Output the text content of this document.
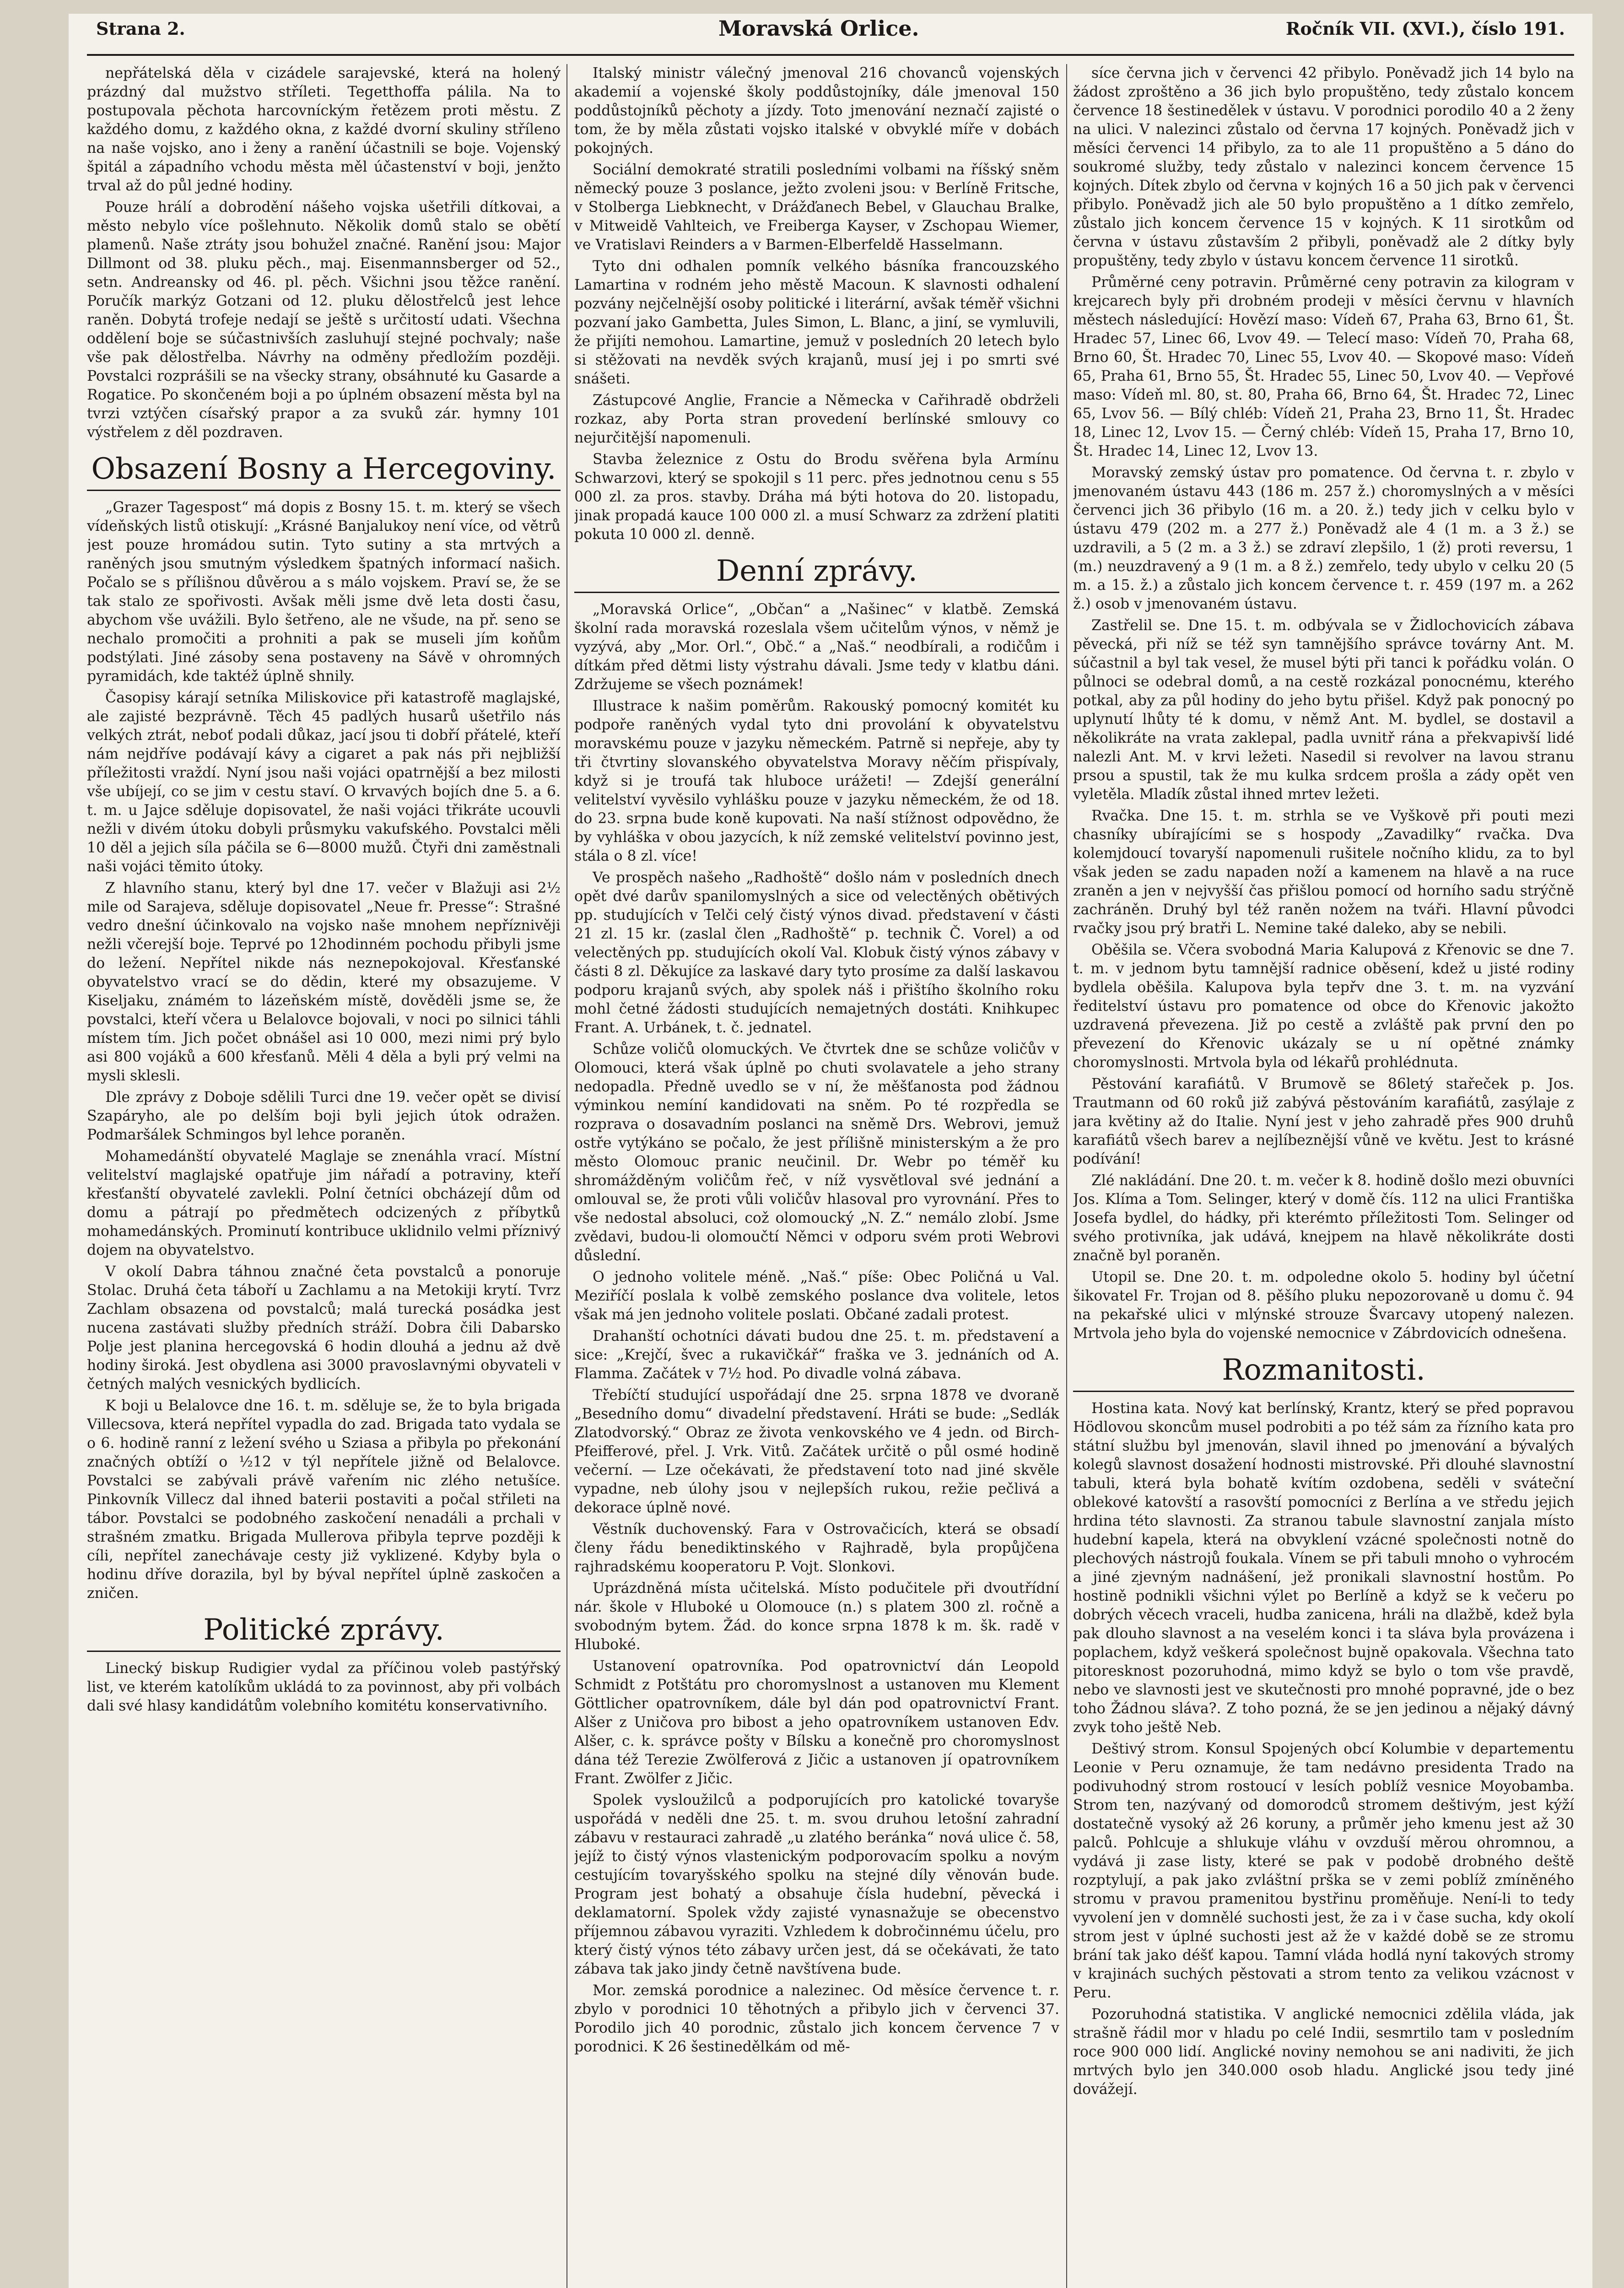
Strana 2.	Moravská Orlice.	Ročník VII. (XVI.), číslo 191.

nepřátelská děla v cizádele sarajevské, která na holený prázdný dal mužstvo stříleti. Tegetthoffa pálila. Na to postupovala pěchota harcovníckým řetězem proti městu. Z každého domu, z každého okna, z každé dvorní skuliny stříleno na naše vojsko, ano i ženy a ranění účastnili se boje. Vojenský špitál a západního vchodu města měl účastenství v boji, jenžto trval až do půl jedné hodiny.

Pouze hrálí a dobrodění nášeho vojska ušetřili dítkovai, a město nebylo více pošlehnuto. Několik domů stalo se obětí plamenů. Naše ztráty jsou bohužel značné. Ranění jsou: Major Dillmont od 38. pluku pěch., maj. Eisenmannsberger od 52., setn. Andreansky od 46. pl. pěch. Všichni jsou těžce ranění. Poručík markýz Gotzani od 12. pluku dělostřelců jest lehce raněn. Dobytá trofeje nedají se ještě s určitostí udati. Všechna oddělení boje se súčastnivších zasluhují stejné pochvaly; naše vše pak dělostřelba. Návrhy na odměny předložím později. Povstalci rozprášili se na všecky strany, obsáhnuté ku Gasarde a Rogatice. Po skončeném boji a po úplném obsazení města byl na tvrzi vztýčen císařský prapor a za svuků zár. hymny 101 výstřelem z děl pozdraven.

Obsazení Bosny a Hercegoviny.

„Grazer Tagespost“ má dopis z Bosny 15. t. m. který se všech vídeňských listů otiskují: „Krásné Banjalukoy není více, od větrů jest pouze hromádou sutin. Tyto sutiny a sta mrtvých a raněných jsou smutným výsledkem špatných informací našich. Počalo se s přílišnou důvěrou a s málo vojskem. Praví se, že se tak stalo ze spořivosti. Avšak měli jsme dvě leta dosti času, abychom vše uvážili. Bylo šetřeno, ale ne všude, na př. seno se nechalo promočiti a prohniti a pak se museli jím koňům podstýlati. Jiné zásoby sena postaveny na Sávě v ohromných pyramidách, kde taktéž úplně shnily.

Časopisy kárají setníka Miliskovice při katastrofě maglajské, ale zajisté bezprávně. Těch 45 padlých husarů ušetřilo nás velkých ztrát, neboť podali důkaz, jací jsou ti dobří přátelé, kteří nám nejdříve podávají kávy a cigaret a pak nás při nejbližší příležitosti vraždí. Nyní jsou naši vojáci opatrnější a bez milosti vše ubíjejí, co se jim v cestu staví. O krvavých bojích dne 5. a 6. t. m. u Jajce sděluje dopisovatel, že naši vojáci třikráte ucouvli nežli v divém útoku dobyli průsmyku vakufského. Povstalci měli 10 děl a jejich síla páčila se 6—8000 mužů. Čtyři dni zaměstnali naši vojáci těmito útoky.

Z hlavního stanu, který byl dne 17. večer v Blažuji asi 2½ mile od Sarajeva, sděluje dopisovatel „Neue fr. Presse“: Strašné vedro dnešní účinkovalo na vojsko naše mnohem nepříznivěji nežli včerejší boje. Teprvé po 12hodinném pochodu přibyli jsme do ležení. Nepřítel nikde nás neznepokojoval. Křesťanské obyvatelstvo vrací se do dědin, které my obsazujeme. V Kiseljaku, známém to lázeňském místě, dověděli jsme se, že povstalci, kteří včera u Belalovce bojovali, v noci po silnici táhli místem tím. Jich počet obnášel asi 10 000, mezi nimi prý bylo asi 800 vojáků a 600 křesťanů. Měli 4 děla a byli prý velmi na mysli sklesli.

Dle zprávy z Doboje sdělili Turci dne 19. večer opět se divisí Szapáryho, ale po delším boji byli jejich útok odražen. Podmaršálek Schmingos byl lehce poraněn.

Mohamedánští obyvatelé Maglaje se znenáhla vrací. Místní velitelství maglajské opatřuje jim nářadí a potraviny, kteří křesťanští obyvatelé zavlekli. Polní četníci obcházejí dům od domu a pátrají po předmětech odcizených z příbytků mohamedánských. Prominutí kontribuce uklidnilo velmi příznivý dojem na obyvatelstvo.

V okolí Dabra táhnou značné četa povstalců a ponoruje Stolac. Druhá četa táboří u Zachlamu a na Metokiji krytí. Tvrz Zachlam obsazena od povstalců; malá turecká posádka jest nucena zastávati služby předních stráží. Dobra čili Dabarsko Polje jest planina hercegovská 6 hodin dlouhá a jednu až dvě hodiny široká. Jest obydlena asi 3000 pravoslavnými obyvateli v četných malých vesnických bydlicích.

K boji u Belalovce dne 16. t. m. sděluje se, že to byla brigada Villecsova, která nepřítel vypadla do zad. Brigada tato vydala se o 6. hodině ranní z ležení svého u Sziasa a přibyla po překonání značných obtíží o ½12 v týl nepřítele jižně od Belalovce. Povstalci se zabývali právě vařením nic zlého netušíce. Pinkovník Villecz dal ihned baterii postaviti a počal střileti na tábor. Povstalci se podobného zaskočení nenadáli a prchali v strašném zmatku. Brigada Mullerova přibyla teprve později k cíli, nepřítel zanechávaje cesty již vyklizené. Kdyby byla o hodinu dříve dorazila, byl by býval nepřítel úplně zaskočen a zničen.

Politické zprávy.

Linecký biskup Rudigier vydal za příčinou voleb pastýřský list, ve kterém katolíkům ukládá to za povinnost, aby při volbách dali své hlasy kandidátům volebního komitétu konservativního.

Italský ministr válečný jmenoval 216 chovanců vojenských akademií a vojenské školy poddůstojníky, dále jmenoval 150 poddůstojníků pěchoty a jízdy. Toto jmenování neznačí zajisté o tom, že by měla zůstati vojsko italské v obvyklé míře v dobách pokojných.

Sociální demokraté stratili posledními volbami na říšský sněm německý pouze 3 poslance, ježto zvoleni jsou: v Berlíně Fritsche, v Stolberga Liebknecht, v Drážďanech Bebel, v Glauchau Bralke, v Mitweidě Vahlteich, ve Freiberga Kayser, v Zschopau Wiemer, ve Vratislavi Reinders a v Barmen-Elberfeldě Hasselmann.

Tyto dni odhalen pomník velkého básníka francouzského Lamartina v rodném jeho městě Macoun. K slavnosti odhalení pozvány nejčelnější osoby politické i literární, avšak téměř všichni pozvaní jako Gambetta, Jules Simon, L. Blanc, a jiní, se vymluvili, že přijíti nemohou. Lamartine, jemuž v posledních 20 letech bylo si stěžovati na nevděk svých krajanů, musí jej i po smrti své snášeti.

Zástupcové Anglie, Francie a Německa v Cařihradě obdrželi rozkaz, aby Porta stran provedení berlínské smlouvy co nejurčitější napomenuli.

Stavba železnice z Ostu do Brodu svěřena byla Armínu Schwarzovi, který se spokojil s 11 perc. přes jednotnou cenu s 55 000 zl. za pros. stavby. Dráha má býti hotova do 20. listopadu, jinak propadá kauce 100 000 zl. a musí Schwarz za zdržení platiti pokuta 10 000 zl. denně.

Denní zprávy.

„Moravská Orlice“, „Občan“ a „Našinec“ v klatbě. Zemská školní rada moravská rozeslala všem učitelům výnos, v němž je vyzývá, aby „Mor. Orl.“, Obč.“ a „Naš.“ neodbírali, a rodičům i dítkám před dětmi listy výstrahu dávali. Jsme tedy v klatbu dáni. Zdržujeme se všech poznámek!

Illustrace k našim poměrům. Rakouský pomocný komitét ku podpoře raněných vydal tyto dni provolání k obyvatelstvu moravskému pouze v jazyku německém. Patrně si nepřeje, aby ty tři čtvrtiny slovanského obyvatelstva Moravy něčím přispívaly, když si je troufá tak hluboce urážeti! — Zdejší generální velitelství vyvěsilo vyhlášku pouze v jazyku německém, že od 18. do 23. srpna bude koně kupovati. Na naší stížnost odpovědno, že by vyhláška v obou jazycích, k níž zemské velitelství povinno jest, stála o 8 zl. více!

Ve prospěch našeho „Radhoště“ došlo nám v posledních dnech opět dvé darův spanilomyslných a sice od velectěných obětivých pp. studujících v Telči celý čistý výnos divad. představení v části 21 zl. 15 kr. (zaslal člen „Radhoště“ p. technik Č. Vorel) a od velectěných pp. studujících okolí Val. Klobuk čistý výnos zábavy v části 8 zl. Děkujíce za laskavé dary tyto prosíme za další laskavou podporu krajanů svých, aby spolek náš i přištího školního roku mohl četné žádosti studujících nemajetných dostáti. Knihkupec Frant. A. Urbánek, t. č. jednatel.

Schůze voličů olomuckých. Ve čtvrtek dne se schůze voličův v Olomouci, která však úplně po chuti svolavatele a jeho strany nedopadla. Předně uvedlo se v ní, že měšťanosta pod žádnou výminkou nemíní kandidovati na sněm. Po té rozpředla se rozprava o dosavadním poslanci na sněmě Drs. Webrovi, jemuž ostře vytýkáno se počalo, že jest přílišně ministerským a že pro město Olomouc pranic neučinil. Dr. Webr po téměř ku shromážděným voličům řeč, v níž vysvětloval své jednání a omlouval se, že proti vůli voličův hlasoval pro vyrovnání. Přes to vše nedostal absoluci, což olomoucký „N. Z.“ nemálo zlobí. Jsme zvědavi, budou-li olomoučtí Němci v odporu svém proti Webrovi důslední.

O jednoho volitele méně. „Naš.“ píše: Obec Poličná u Val. Meziříčí poslala k volbě zemského poslance dva volitele, letos však má jen jednoho volitele poslati. Občané zadali protest.

Drahanští ochotníci dávati budou dne 25. t. m. představení a sice: „Krejčí, švec a rukavičkář“ fraška ve 3. jednáních od A. Flamma. Začátek v 7½ hod. Po divadle volná zábava.

Třebíčtí studující uspořádají dne 25. srpna 1878 ve dvoraně „Besedního domu“ divadelní představení. Hráti se bude: „Sedlák Zlatodvorský.“ Obraz ze života venkovského ve 4 jedn. od Birch-Pfeifferové, přel. J. Vrk. Vitů. Začátek určitě o půl osmé hodině večerní. — Lze očekávati, že představení toto nad jiné skvěle vypadne, neb úlohy jsou v nejlepších rukou, režie pečlivá a dekorace úplně nové.

Věstník duchovenský. Fara v Ostrovačicích, která se obsadí členy řádu benediktinského v Rajhradě, byla propůjčena rajhradskému kooperatoru P. Vojt. Slonkovi.

Uprázdněná místa učitelská. Místo podučitele při dvoutřídní nár. škole v Hluboké u Olomouce (n.) s platem 300 zl. ročně a svobodným bytem. Žád. do konce srpna 1878 k m. šk. radě v Hluboké.

Ustanovení opatrovníka. Pod opatrovnictví dán Leopold Schmidt z Potštátu pro choromyslnost a ustanoven mu Klement Göttlicher opatrovníkem, dále byl dán pod opatrovnictví Frant. Alšer z Uničova pro bibost a jeho opatrovníkem ustanoven Edv. Alšer, c. k. správce pošty v Bílsku a konečně pro choromyslnost dána též Terezie Zwölferová z Jičic a ustanoven jí opatrovníkem Frant. Zwölfer z Jičic.

Spolek vysloužilců a podporujících pro katolické tovaryše uspořádá v neděli dne 25. t. m. svou druhou letošní zahradní zábavu v restauraci zahradě „u zlatého beránka“ nová ulice č. 58, jejíž to čistý výnos vlastenickým podporovacím spolku a novým cestujícím tovaryšského spolku na stejné díly věnován bude. Program jest bohatý a obsahuje čísla hudební, pěvecká i deklamatorní. Spolek vždy zajisté vynasnažuje se obecenstvo příjemnou zábavou vyraziti. Vzhledem k dobročinnému účelu, pro který čistý výnos této zábavy určen jest, dá se očekávati, že tato zábava tak jako jindy četně navštívena bude.

Mor. zemská porodnice a nalezinec. Od měsíce července t. r. zbylo v porodnici 10 těhotných a přibylo jich v červenci 37. Porodilo jich 40 porodnic, zůstalo jich koncem července 7 v porodnici. K 26 šestinedělkám od mě-

síce června jich v červenci 42 přibylo. Poněvadž jich 14 bylo na žádost zproštěno a 36 jich bylo propuštěno, tedy zůstalo koncem července 18 šestinedělek v ústavu. V porodnici porodilo 40 a 2 ženy na ulici. V nalezinci zůstalo od června 17 kojných. Poněvadž jich v měsíci červenci 14 přibylo, za to ale 11 propuštěno a 5 dáno do soukromé služby, tedy zůstalo v nalezinci koncem července 15 kojných. Dítek zbylo od června v kojných 16 a 50 jich pak v červenci přibylo. Poněvadž jich ale 50 bylo propuštěno a 1 dítko zemřelo, zůstalo jich koncem července 15 v kojných. K 11 sirotkům od června v ústavu zůstavším 2 přibyli, poněvadž ale 2 dítky byly propuštěny, tedy zbylo v ústavu koncem července 11 sirotků.

Průměrné ceny potravin. Průměrné ceny potravin za kilogram v krejcarech byly při drobném prodeji v měsíci červnu v hlavních městech následující: Hovězí maso: Vídeň 67, Praha 63, Brno 61, Št. Hradec 57, Linec 66, Lvov 49. — Telecí maso: Vídeň 70, Praha 68, Brno 60, Št. Hradec 70, Linec 55, Lvov 40. — Skopové maso: Vídeň 65, Praha 61, Brno 55, Št. Hradec 55, Linec 50, Lvov 40. — Vepřové maso: Vídeň ml. 80, st. 80, Praha 66, Brno 64, Št. Hradec 72, Linec 65, Lvov 56. — Bílý chléb: Vídeň 21, Praha 23, Brno 11, Št. Hradec 18, Linec 12, Lvov 15. — Černý chléb: Vídeň 15, Praha 17, Brno 10, Št. Hradec 14, Linec 12, Lvov 13.

Moravský zemský ústav pro pomatence. Od června t. r. zbylo v jmenovaném ústavu 443 (186 m. 257 ž.) choromyslných a v měsíci červenci jich 36 přibylo (16 m. a 20. ž.) tedy jich v celku bylo v ústavu 479 (202 m. a 277 ž.) Poněvadž ale 4 (1 m. a 3 ž.) se uzdravili, a 5 (2 m. a 3 ž.) se zdraví zlepšilo, 1 (ž) proti reversu, 1 (m.) neuzdravený a 9 (1 m. a 8 ž.) zemřelo, tedy ubylo v celku 20 (5 m. a 15. ž.) a zůstalo jich koncem července t. r. 459 (197 m. a 262 ž.) osob v jmenovaném ústavu.

Zastřelil se. Dne 15. t. m. odbývala se v Židlochovicích zábava pěvecká, při níž se též syn tamnějšího správce továrny Ant. M. súčastnil a byl tak vesel, že musel býti při tanci k pořádku volán. O půlnoci se odebral domů, a na cestě rozkázal ponocnému, kterého potkal, aby za půl hodiny do jeho bytu přišel. Když pak ponocný po uplynutí lhůty té k domu, v němž Ant. M. bydlel, se dostavil a několikráte na vrata zaklepal, padla uvnitř rána a překvapivší lidé nalezli Ant. M. v krvi ležeti. Nasedil si revolver na lavou stranu prsou a spustil, tak že mu kulka srdcem prošla a zády opět ven vyletěla. Mladík zůstal ihned mrtev ležeti.

Rvačka. Dne 15. t. m. strhla se ve Vyškově při pouti mezi chasníky ubírajícími se s hospody „Zavadilky“ rvačka. Dva kolemjdoucí tovaryší napomenuli rušitele nočního klidu, za to byl však jeden se zadu napaden noží a kamenem na hlavě a na ruce zraněn a jen v nejvyšší čas přišlou pomocí od horního sadu strýčně zachráněn. Druhý byl též raněn nožem na tváři. Hlavní původci rvačky jsou prý bratři L. Nemine také daleko, aby se nebili.

Oběšila se. Včera svobodná Maria Kalupová z Křenovic se dne 7. t. m. v jednom bytu tamnější radnice oběsení, kdež u jisté rodiny bydlela oběšila. Kalupova byla tepřv dne 3. t. m. na vyzvání ředitelství ústavu pro pomatence od obce do Křenovic jakožto uzdravená převezena. Již po cestě a zvláště pak první den po převezení do Křenovic ukázaly se u ní opětné známky choromyslnosti. Mrtvola byla od lékařů prohlédnuta.

Pěstování karafiátů. V Brumově se 86letý stařeček p. Jos. Trautmann od 60 roků již zabývá pěstováním karafiátů, zasýlaje z jara květiny až do Italie. Nyní jest v jeho zahradě přes 900 druhů karafiátů všech barev a nejlíbeznější vůně ve květu. Jest to krásné podívání!

Zlé nakládání. Dne 20. t. m. večer k 8. hodině došlo mezi obuvníci Jos. Klíma a Tom. Selinger, který v domě čís. 112 na ulici Františka Josefa bydlel, do hádky, při kterémto příležitosti Tom. Selinger od svého protivníka, jak udává, knejpem na hlavě několikráte dosti značně byl poraněn.

Utopil se. Dne 20. t. m. odpoledne okolo 5. hodiny byl účetní šikovatel Fr. Trojan od 8. pěšího pluku nepozorovaně u domu č. 94 na pekařské ulici v mlýnské strouze Švarcavy utopený nalezen. Mrtvola jeho byla do vojenské nemocnice v Zábrdovicích odnešena.

Rozmanitosti.

Hostina kata. Nový kat berlínský, Krantz, který se před popravou Hödlovou skoncům musel podrobiti a po též sám za řízního kata pro státní službu byl jmenován, slavil ihned po jmenování a bývalých kolegů slavnost dosažení hodnosti mistrovské. Při dlouhé slavnostní tabuli, která byla bohatě kvítím ozdobena, seděli v sváteční oblekové katovští a rasovští pomocníci z Berlína a ve středu jejich hrdina této slavnosti. Za stranou tabule slavnostní zanjala místo hudební kapela, která na obvyklení vzácné společnosti notně do plechových nástrojů foukala. Vínem se při tabuli mnoho o vyhrocém a jiné zjevným nadnášení, jež pronikali slavnostní hostům. Po hostině podnikli všichni výlet po Berlíně a když se k večeru po dobrých věcech vraceli, hudba zanicena, hráli na dlažbě, kdež byla pak dlouho slavnost a na veselém konci i ta sláva byla provázena i poplachem, když veškerá společnost bujně opakovala. Všechna tato pitoresknost pozoruhodná, mimo když se bylo o tom vše pravdě, nebo ve slavnosti jest ve skutečnosti pro mnohé popravné, jde o bez toho Žádnou sláva?. Z toho pozná, že se jen jedinou a nějaký dávný zvyk toho ještě Neb.

Deštivý strom. Konsul Spojených obcí Kolumbie v departementu Leonie v Peru oznamuje, že tam nedávno presidenta Trado na podivuhodný strom rostoucí v lesích poblíž vesnice Moyobamba. Strom ten, nazývaný od domorodců stromem deštivým, jest kýží dostatečně vysoký až 26 koruny, a průměr jeho kmenu jest až 30 palců. Pohlcuje a shlukuje vláhu v ovzduší měrou ohromnou, a vydává ji zase listy, které se pak v podobě drobného deště rozptylují, a pak jako zvláštní prška se v zemi poblíž zmíněného stromu v pravou pramenitou bystřinu proměňuje. Není-li to tedy vyvolení jen v domnělé suchosti jest, že za i v čase sucha, kdy okolí strom jest v úplné suchosti jest až že v každé době se ze stromu brání tak jako déšť kapou. Tamní vláda hodlá nyní takových stromy v krajinách suchých pěstovati a strom tento za velikou vzácnost v Peru.

Pozoruhodná statistika. V anglické nemocnici zdělila vláda, jak strašně řádil mor v hladu po celé Indii, sesmrtilo tam v posledním roce 900 000 lidí. Anglické noviny nemohou se ani nadiviti, že jich mrtvých bylo jen 340.000 osob hladu. Anglické jsou tedy jiné dovážejí.
